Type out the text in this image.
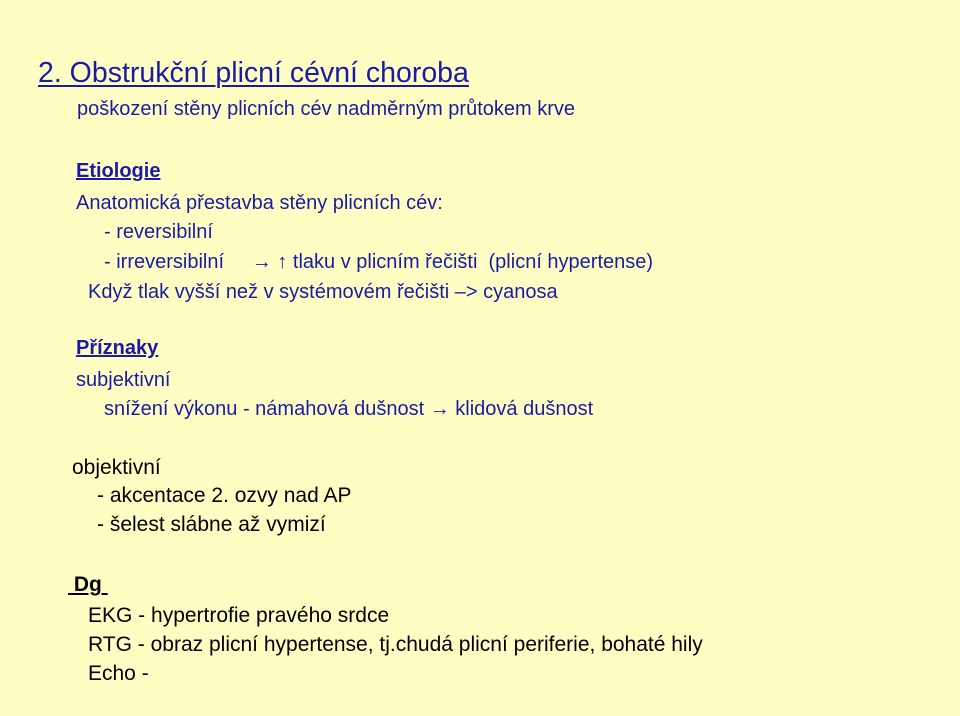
2. Obstrukční plicní cévní choroba
poškození stěny plicních cév nadměrným průtokem krve
Etiologie
Anatomická přestavba stěny plicních cév:
- reversibilní
- irreversibilní     → ↑ tlaku v plicním řečišti  (plicní hypertense)
Když tlak vyšší než v systémovém řečišti –> cyanosa
Příznaky
subjektivní
snížení výkonu - námahová dušnost → klidová dušnost
objektivní
- akcentace 2. ozvy nad AP
- šelest slábne až vymizí
Dg
EKG - hypertrofie pravého srdce
RTG - obraz plicní hypertense, tj.chudá plicní periferie, bohaté hily
Echo -
